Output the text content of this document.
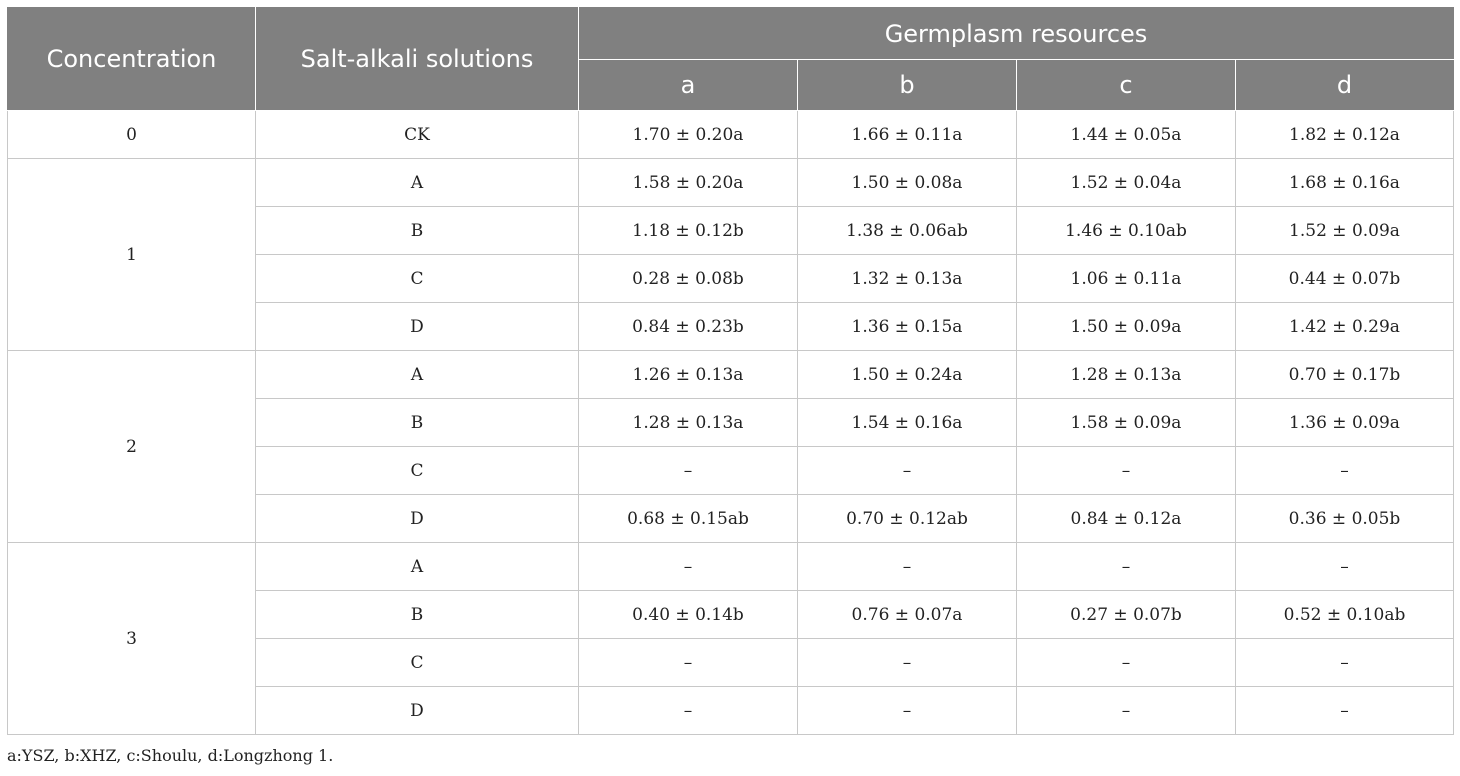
Concentration	Salt-alkali solutions	Germplasm resources			
		a	b	c	d
0	CK	1.70 ± 0.20a	1.66 ± 0.11a	1.44 ± 0.05a	1.82 ± 0.12a
1	A	1.58 ± 0.20a	1.50 ± 0.08a	1.52 ± 0.04a	1.68 ± 0.16a
	B	1.18 ± 0.12b	1.38 ± 0.06ab	1.46 ± 0.10ab	1.52 ± 0.09a
	C	0.28 ± 0.08b	1.32 ± 0.13a	1.06 ± 0.11a	0.44 ± 0.07b
	D	0.84 ± 0.23b	1.36 ± 0.15a	1.50 ± 0.09a	1.42 ± 0.29a
2	A	1.26 ± 0.13a	1.50 ± 0.24a	1.28 ± 0.13a	0.70 ± 0.17b
	B	1.28 ± 0.13a	1.54 ± 0.16a	1.58 ± 0.09a	1.36 ± 0.09a
	C	–	–	–	–
	D	0.68 ± 0.15ab	0.70 ± 0.12ab	0.84 ± 0.12a	0.36 ± 0.05b
3	A	–	–	–	–
	B	0.40 ± 0.14b	0.76 ± 0.07a	0.27 ± 0.07b	0.52 ± 0.10ab
	C	–	–	–	–
	D	–	–	–	–
a:YSZ, b:XHZ, c:Shoulu, d:Longzhong 1.
